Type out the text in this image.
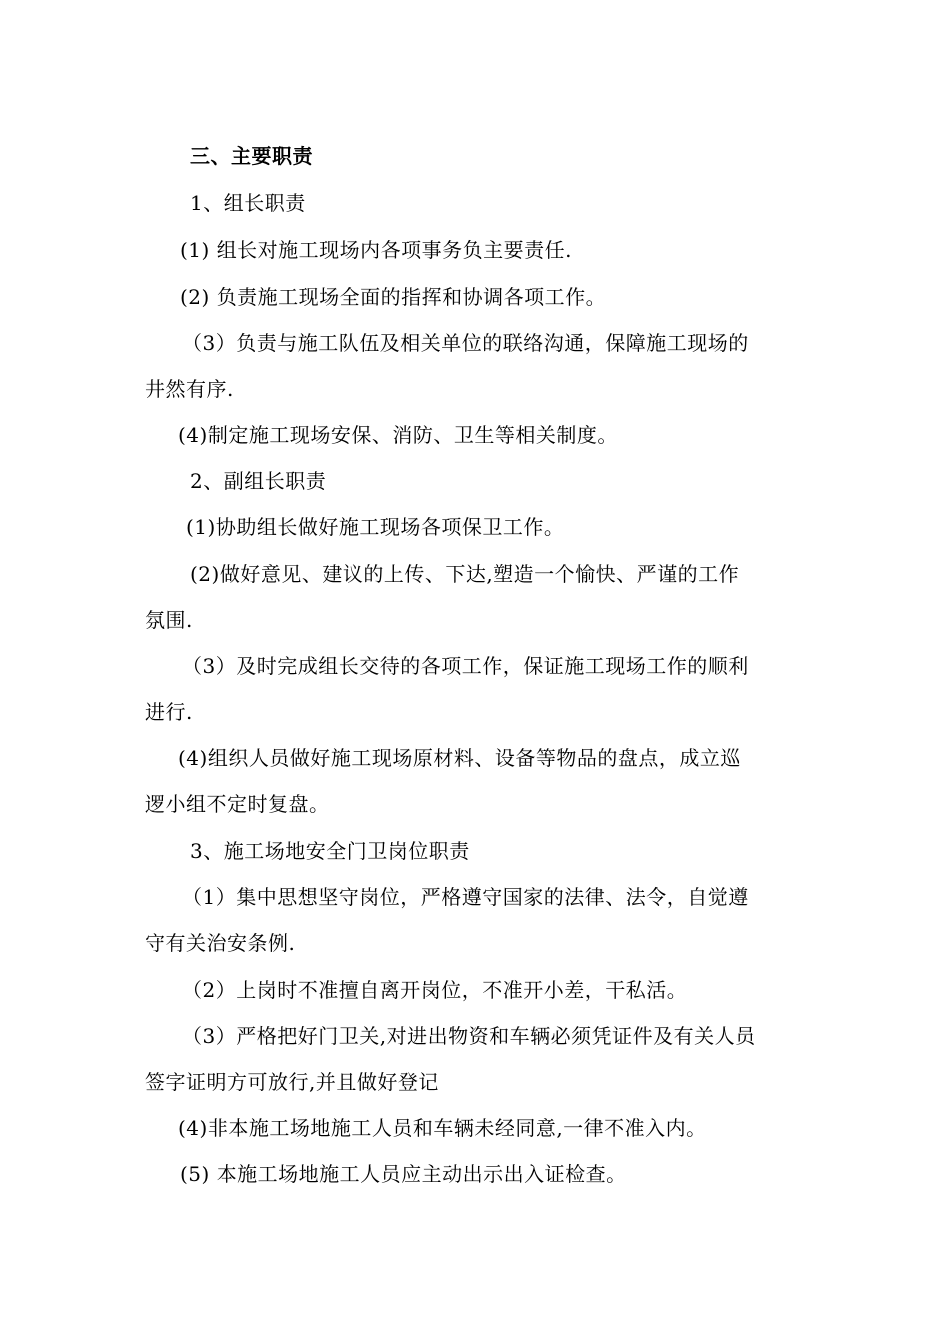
三、主要职责
1、组长职责
(1) 组长对施工现场内各项事务负主要责任.
(2) 负责施工现场全面的指挥和协调各项工作。
（3）负责与施工队伍及相关单位的联络沟通，保障施工现场的
井然有序.
(4)制定施工现场安保、消防、卫生等相关制度。
2、副组长职责
(1)协助组长做好施工现场各项保卫工作。
(2)做好意见、建议的上传、下达,塑造一个愉快、严谨的工作
氛围.
（3）及时完成组长交待的各项工作，保证施工现场工作的顺利
进行.
(4)组织人员做好施工现场原材料、设备等物品的盘点，成立巡
逻小组不定时复盘。
3、施工场地安全门卫岗位职责
（1）集中思想坚守岗位，严格遵守国家的法律、法令，自觉遵
守有关治安条例.
（2）上岗时不准擅自离开岗位，不准开小差，干私活。
（3）严格把好门卫关,对进出物资和车辆必须凭证件及有关人员
签字证明方可放行,并且做好登记
(4)非本施工场地施工人员和车辆未经同意,一律不准入内。
(5) 本施工场地施工人员应主动出示出入证检查。
